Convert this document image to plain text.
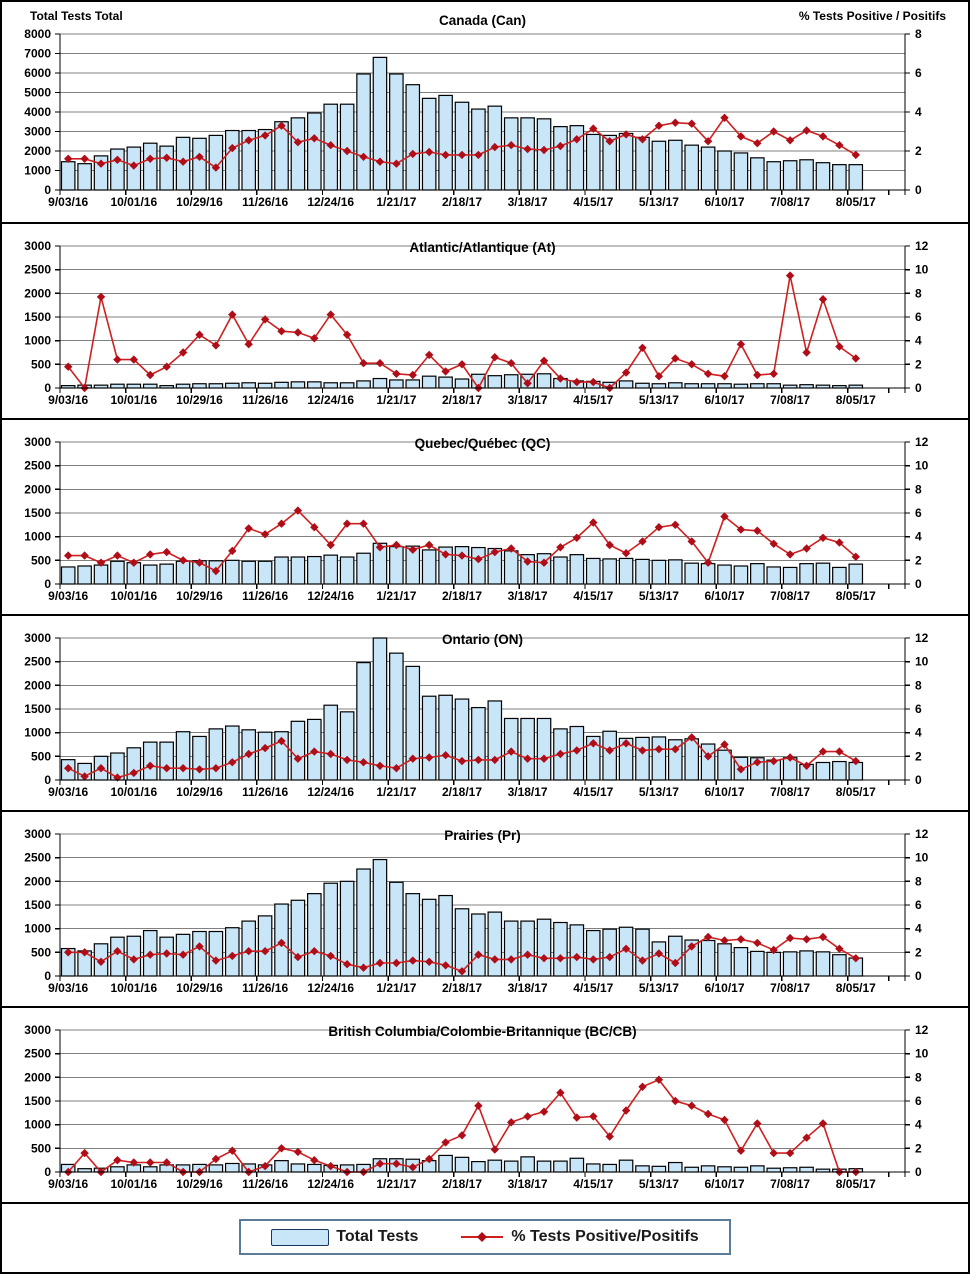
Total Tests Total	% Tests Positive / Positifs
0
1000
2000
3000
4000
5000
6000
7000
8000
0
2
4
6
8
9/03/16 10/01/16 10/29/16 11/26/16 12/24/16 1/21/17 2/18/17 3/18/17 4/15/17 5/13/17 6/10/17 7/08/17 8/05/17
Canada (Can)
0
500
1000
1500
2000
2500
3000
0
2
4
6
8
10
12
9/03/16 10/01/16 10/29/16 11/26/16 12/24/16 1/21/17 2/18/17 3/18/17 4/15/17 5/13/17 6/10/17 7/08/17 8/05/17
Atlantic/Atlantique (At)
0
500
1000
1500
2000
2500
3000
0
2
4
6
8
10
12
9/03/16 10/01/16 10/29/16 11/26/16 12/24/16 1/21/17 2/18/17 3/18/17 4/15/17 5/13/17 6/10/17 7/08/17 8/05/17
Quebec/Québec (QC)
0
500
1000
1500
2000
2500
3000
0
2
4
6
8
10
12
9/03/16 10/01/16 10/29/16 11/26/16 12/24/16 1/21/17 2/18/17 3/18/17 4/15/17 5/13/17 6/10/17 7/08/17 8/05/17
Ontario (ON)
0
500
1000
1500
2000
2500
3000
0
2
4
6
8
10
12
9/03/16 10/01/16 10/29/16 11/26/16 12/24/16 1/21/17 2/18/17 3/18/17 4/15/17 5/13/17 6/10/17 7/08/17 8/05/17
Prairies (Pr)
0
500
1000
1500
2000
2500
3000
0
2
4
6
8
10
12
9/03/16 10/01/16 10/29/16 11/26/16 12/24/16 1/21/17 2/18/17 3/18/17 4/15/17 5/13/17 6/10/17 7/08/17 8/05/17
British Columbia/Colombie-Britannique (BC/CB)
Total Tests	% Tests Positive/Positifs
